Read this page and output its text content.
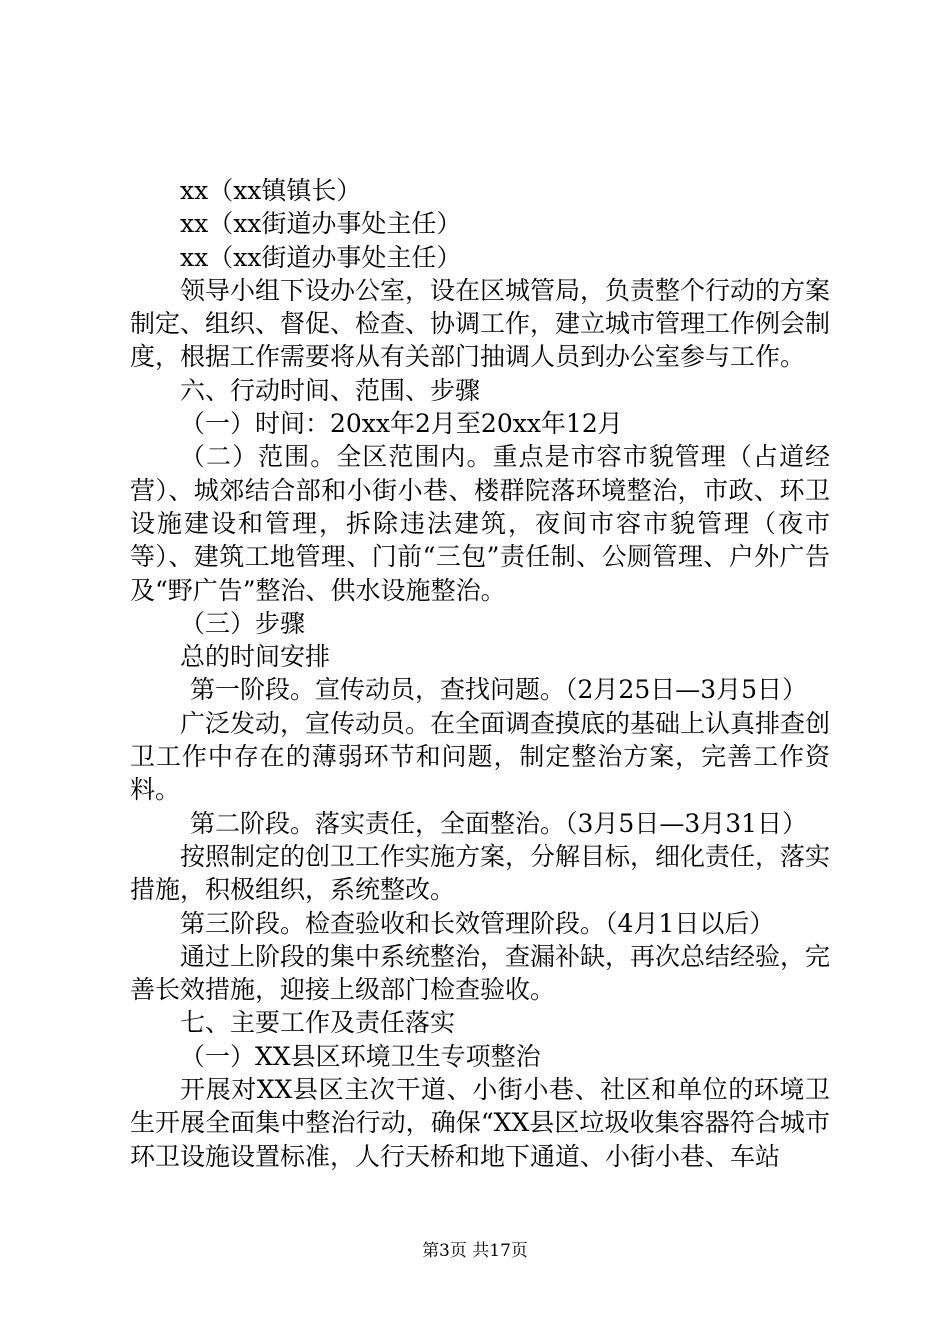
xx（xx镇镇长）

xx（xx街道办事处主任）

xx（xx街道办事处主任）

领导小组下设办公室，设在区城管局，负责整个行动的方案制定、组织、督促、检查、协调工作，建立城市管理工作例会制度，根据工作需要将从有关部门抽调人员到办公室参与工作。

六、行动时间、范围、步骤

（一）时间：20xx年2月至20xx年12月

（二）范围。全区范围内。重点是市容市貌管理（占道经营）、城郊结合部和小街小巷、楼群院落环境整治，市政、环卫设施建设和管理，拆除违法建筑，夜间市容市貌管理（夜市等）、建筑工地管理、门前“三包”责任制、公厕管理、户外广告及“野广告”整治、供水设施整治。

（三）步骤

总的时间安排

第一阶段。宣传动员，查找问题。（2月25日—3月5日）

广泛发动，宣传动员。在全面调查摸底的基础上认真排查创卫工作中存在的薄弱环节和问题，制定整治方案，完善工作资料。

第二阶段。落实责任，全面整治。（3月5日—3月31日）

按照制定的创卫工作实施方案，分解目标，细化责任，落实措施，积极组织，系统整改。

第三阶段。检查验收和长效管理阶段。（4月1日以后）

通过上阶段的集中系统整治，查漏补缺，再次总结经验，完善长效措施，迎接上级部门检查验收。

七、主要工作及责任落实

（一）XX县区环境卫生专项整治

开展对XX县区主次干道、小街小巷、社区和单位的环境卫生开展全面集中整治行动，确保“XX县区垃圾收集容器符合城市环卫设施设置标准，人行天桥和地下通道、小街小巷、车站

第3页 共17页
